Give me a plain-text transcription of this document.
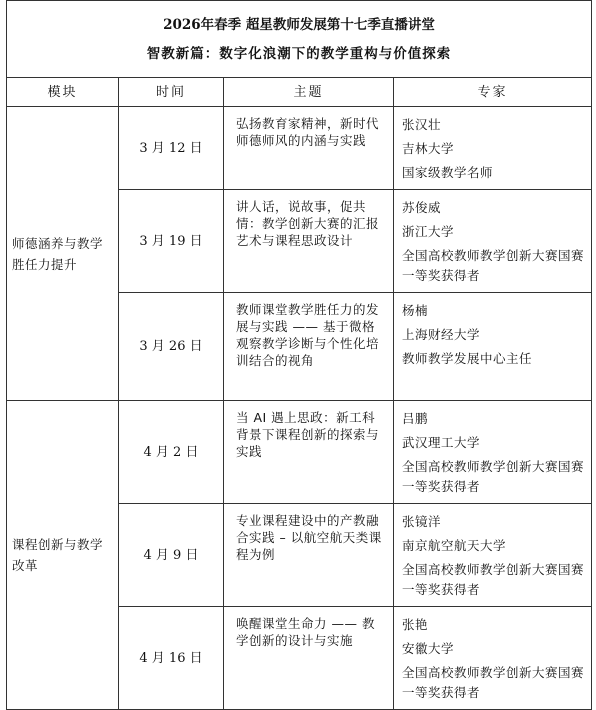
2026年春季 超星教师发展第十七季直播讲堂
智教新篇：数字化浪潮下的教学重构与价值探索			

模块	时间	主题	专家
师德涵养与教学胜任力提升	3 月 12 日	弘扬教育家精神，新时代师德师风的内涵与实践	张汉壮
吉林大学
国家级教学名师

	3 月 19 日	讲人话，说故事，促共情：教学创新大赛的汇报艺术与课程思政设计	苏俊威
浙江大学
全国高校教师教学创新大赛国赛一等奖获得者

	3 月 26 日	教师课堂教学胜任力的发展与实践 —— 基于微格观察教学诊断与个性化培训结合的视角	杨楠
上海财经大学
教师教学发展中心主任

课程创新与教学改革	4 月 2 日	当 AI 遇上思政：新工科背景下课程创新的探索与实践	吕鹏
武汉理工大学
全国高校教师教学创新大赛国赛一等奖获得者

	4 月 9 日	专业课程建设中的产教融合实践 – 以航空航天类课程为例	张镜洋
南京航空航天大学
全国高校教师教学创新大赛国赛一等奖获得者

	4 月 16 日	唤醒课堂生命力 —— 教学创新的设计与实施	张艳
安徽大学
全国高校教师教学创新大赛国赛一等奖获得者
